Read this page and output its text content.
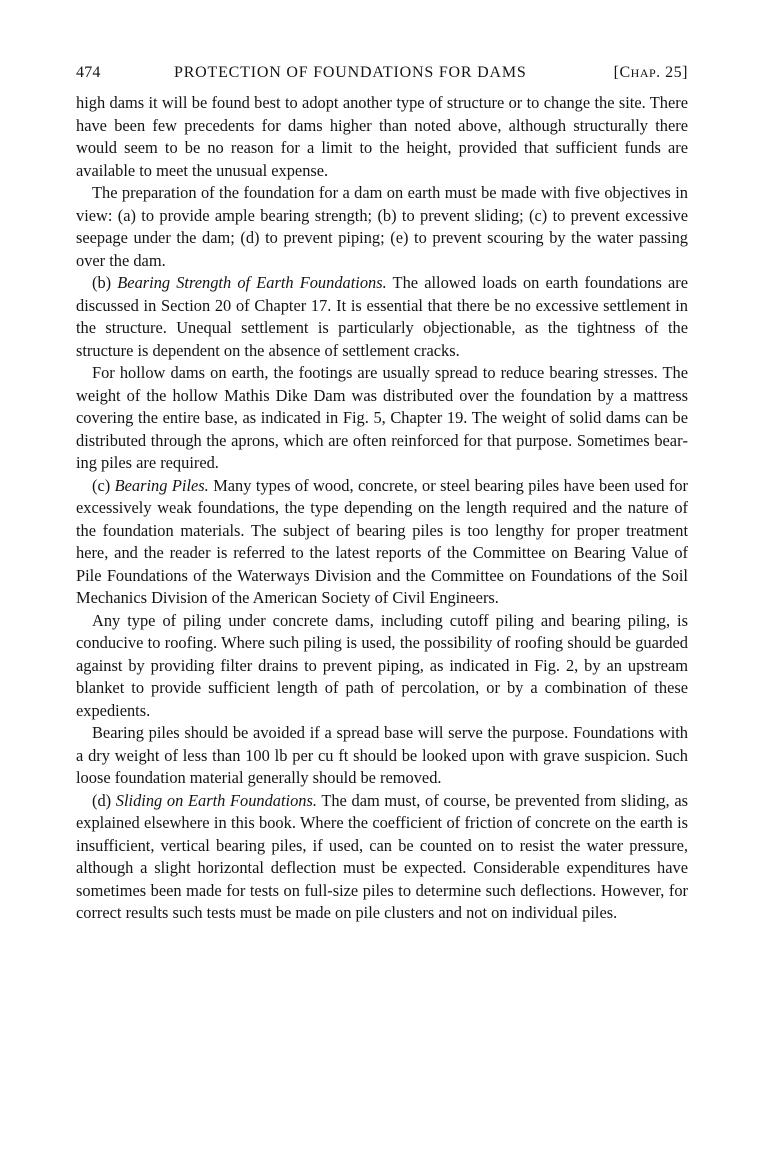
474	PROTECTION OF FOUNDATIONS FOR DAMS	[CHAP. 25]

high dams it will be found best to adopt another type of structure or to change the site. There have been few precedents for dams higher than noted above, although structurally there would seem to be no reason for a limit to the height, provided that sufficient funds are available to meet the unusual expense.

The preparation of the foundation for a dam on earth must be made with five objectives in view: (a) to provide ample bearing strength; (b) to prevent sliding; (c) to prevent excessive seepage under the dam; (d) to prevent piping; (e) to prevent scouring by the water passing over the dam.

(b) Bearing Strength of Earth Foundations. The allowed loads on earth foundations are discussed in Section 20 of Chapter 17. It is essential that there be no excessive settlement in the structure. Unequal settlement is particularly objectionable, as the tightness of the structure is dependent on the absence of settlement cracks.

For hollow dams on earth, the footings are usually spread to reduce bearing stresses. The weight of the hollow Mathis Dike Dam was distributed over the foundation by a mattress covering the entire base, as indicated in Fig. 5, Chapter 19. The weight of solid dams can be distributed through the aprons, which are often reinforced for that purpose. Sometimes bearing piles are required.

(c) Bearing Piles. Many types of wood, concrete, or steel bearing piles have been used for excessively weak foundations, the type depending on the length required and the nature of the foundation materials. The subject of bearing piles is too lengthy for proper treatment here, and the reader is referred to the latest reports of the Committee on Bearing Value of Pile Foundations of the Waterways Division and the Committee on Foundations of the Soil Mechanics Division of the American Society of Civil Engineers.

Any type of piling under concrete dams, including cutoff piling and bearing piling, is conducive to roofing. Where such piling is used, the possibility of roofing should be guarded against by providing filter drains to prevent piping, as indicated in Fig. 2, by an upstream blanket to provide sufficient length of path of percolation, or by a combination of these expedients.

Bearing piles should be avoided if a spread base will serve the purpose. Foundations with a dry weight of less than 100 lb per cu ft should be looked upon with grave suspicion. Such loose foundation material generally should be removed.

(d) Sliding on Earth Foundations. The dam must, of course, be prevented from sliding, as explained elsewhere in this book. Where the coefficient of friction of concrete on the earth is insufficient, vertical bearing piles, if used, can be counted on to resist the water pressure, although a slight horizontal deflection must be expected. Considerable expenditures have sometimes been made for tests on full-size piles to determine such deflections. However, for correct results such tests must be made on pile clusters and not on individual piles.
